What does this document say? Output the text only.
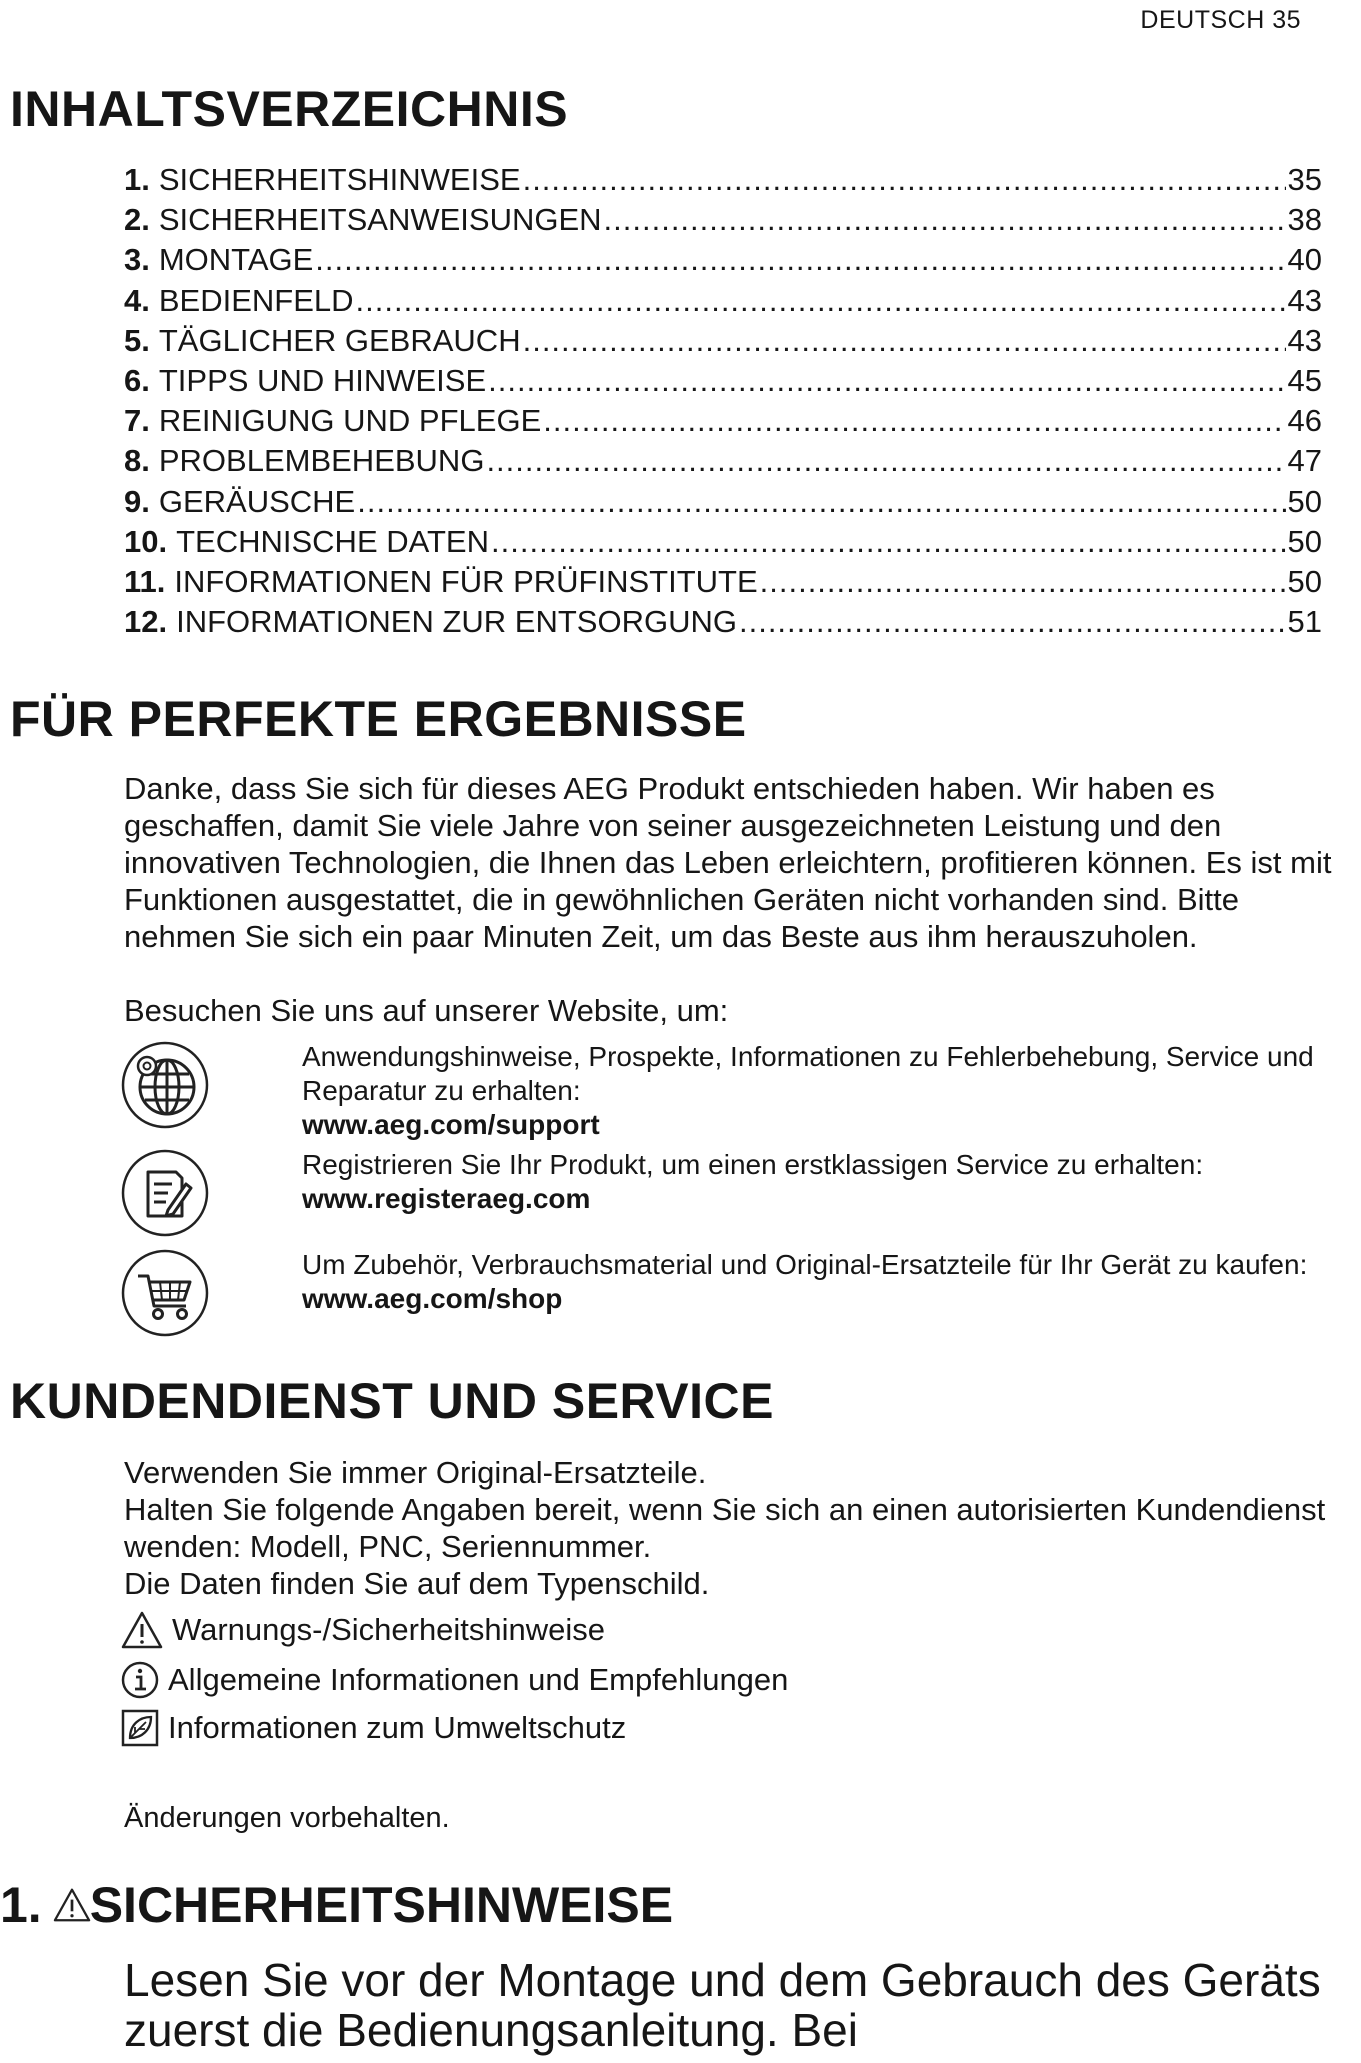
DEUTSCH 35
INHALTSVERZEICHNIS
1. SICHERHEITSHINWEISE .....	35
2. SICHERHEITSANWEISUNGEN .....	38
3. MONTAGE .....	40
4. BEDIENFELD .....	43
5. TÄGLICHER GEBRAUCH .....	43
6. TIPPS UND HINWEISE .....	45
7. REINIGUNG UND PFLEGE .....	46
8. PROBLEMBEHEBUNG .....	47
9. GERÄUSCHE .....	50
10. TECHNISCHE DATEN .....	50
11. INFORMATIONEN FÜR PRÜFINSTITUTE .....	50
12. INFORMATIONEN ZUR ENTSORGUNG .....	51
FÜR PERFEKTE ERGEBNISSE
Danke, dass Sie sich für dieses AEG Produkt entschieden haben. Wir haben es geschaffen, damit Sie viele Jahre von seiner ausgezeichneten Leistung und den innovativen Technologien, die Ihnen das Leben erleichtern, profitieren können. Es ist mit Funktionen ausgestattet, die in gewöhnlichen Geräten nicht vorhanden sind. Bitte nehmen Sie sich ein paar Minuten Zeit, um das Beste aus ihm herauszuholen.
Besuchen Sie uns auf unserer Website, um:
Anwendungshinweise, Prospekte, Informationen zu Fehlerbehebung, Service und Reparatur zu erhalten:
www.aeg.com/support
Registrieren Sie Ihr Produkt, um einen erstklassigen Service zu erhalten:
www.registeraeg.com
Um Zubehör, Verbrauchsmaterial und Original-Ersatzteile für Ihr Gerät zu kaufen:
www.aeg.com/shop
KUNDENDIENST UND SERVICE
Verwenden Sie immer Original-Ersatzteile.
Halten Sie folgende Angaben bereit, wenn Sie sich an einen autorisierten Kundendienst wenden: Modell, PNC, Seriennummer.
Die Daten finden Sie auf dem Typenschild.
Warnungs-/Sicherheitshinweise
Allgemeine Informationen und Empfehlungen
Informationen zum Umweltschutz
Änderungen vorbehalten.
1. SICHERHEITSHINWEISE
Lesen Sie vor der Montage und dem Gebrauch des Geräts zuerst die Bedienungsanleitung. Bei
